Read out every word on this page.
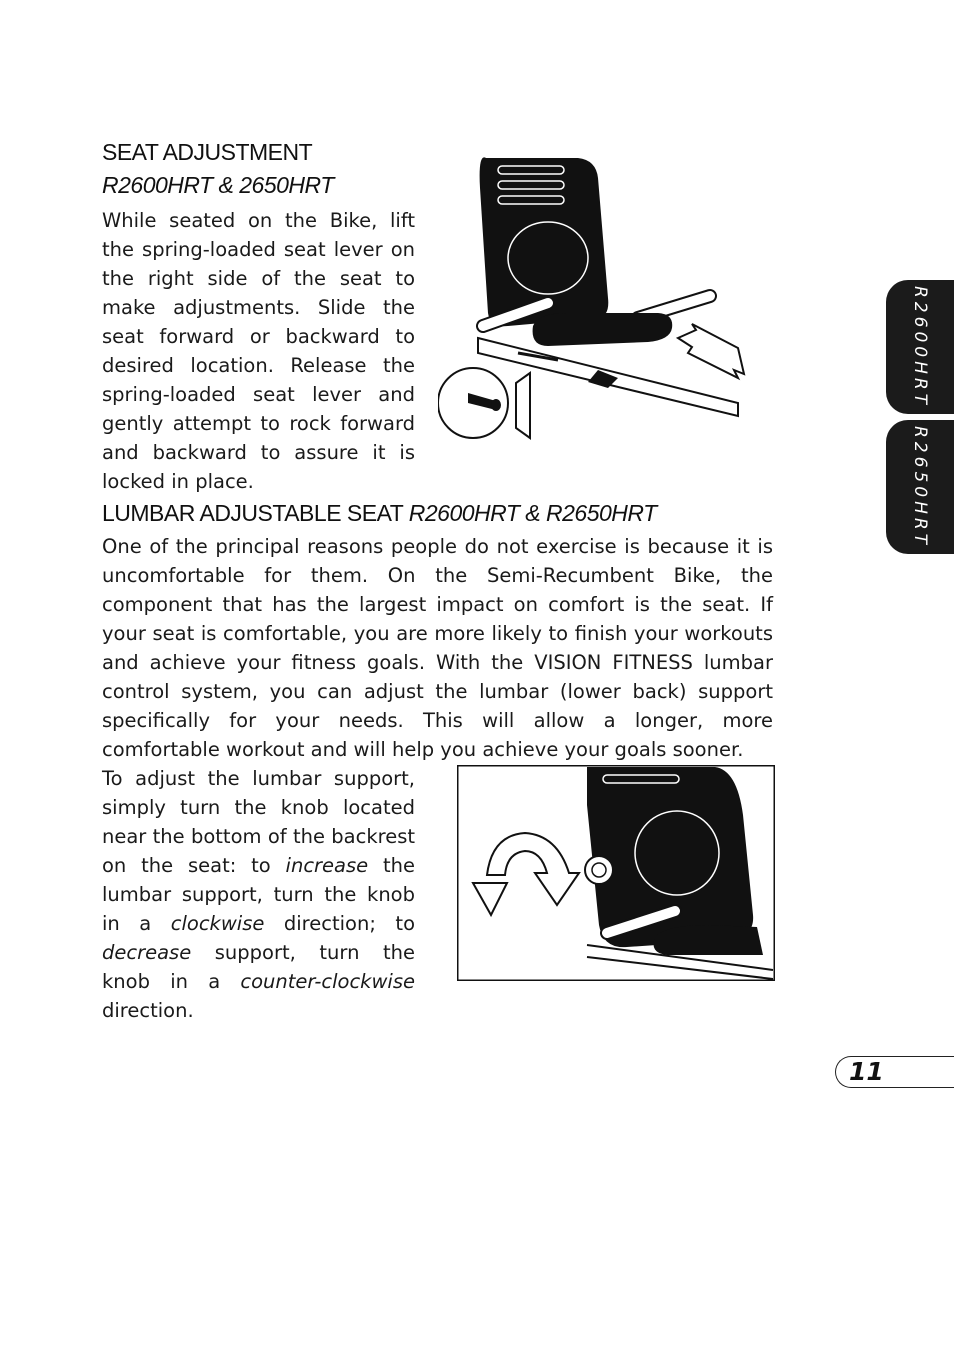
SEAT ADJUSTMENT
R2600HRT & 2650HRT

While seated on the Bike, lift the spring-loaded seat lever on the right side of the seat to make adjustments. Slide the seat forward or backward to desired location. Release the spring-loaded seat lever and gently attempt to rock forward and backward to assure it is locked in place.

LUMBAR ADJUSTABLE SEAT R2600HRT & R2650HRT

One of the principal reasons people do not exercise is because it is uncomfortable for them. On the Semi-Recumbent Bike, the component that has the largest impact on comfort is the seat. If your seat is comfortable, you are more likely to finish your workouts and achieve your fitness goals. With the VISION FITNESS lumbar control system, you can adjust the lumbar (lower back) support specifically for your needs. This will allow a longer, more comfortable workout and will help you achieve your goals sooner.

To adjust the lumbar support, simply turn the knob located near the bottom of the backrest on the seat: to increase the lumbar support, turn the knob in a clockwise direction; to decrease support, turn the knob in a counter-clockwise direction.

R2600HRT
R2650HRT
11
